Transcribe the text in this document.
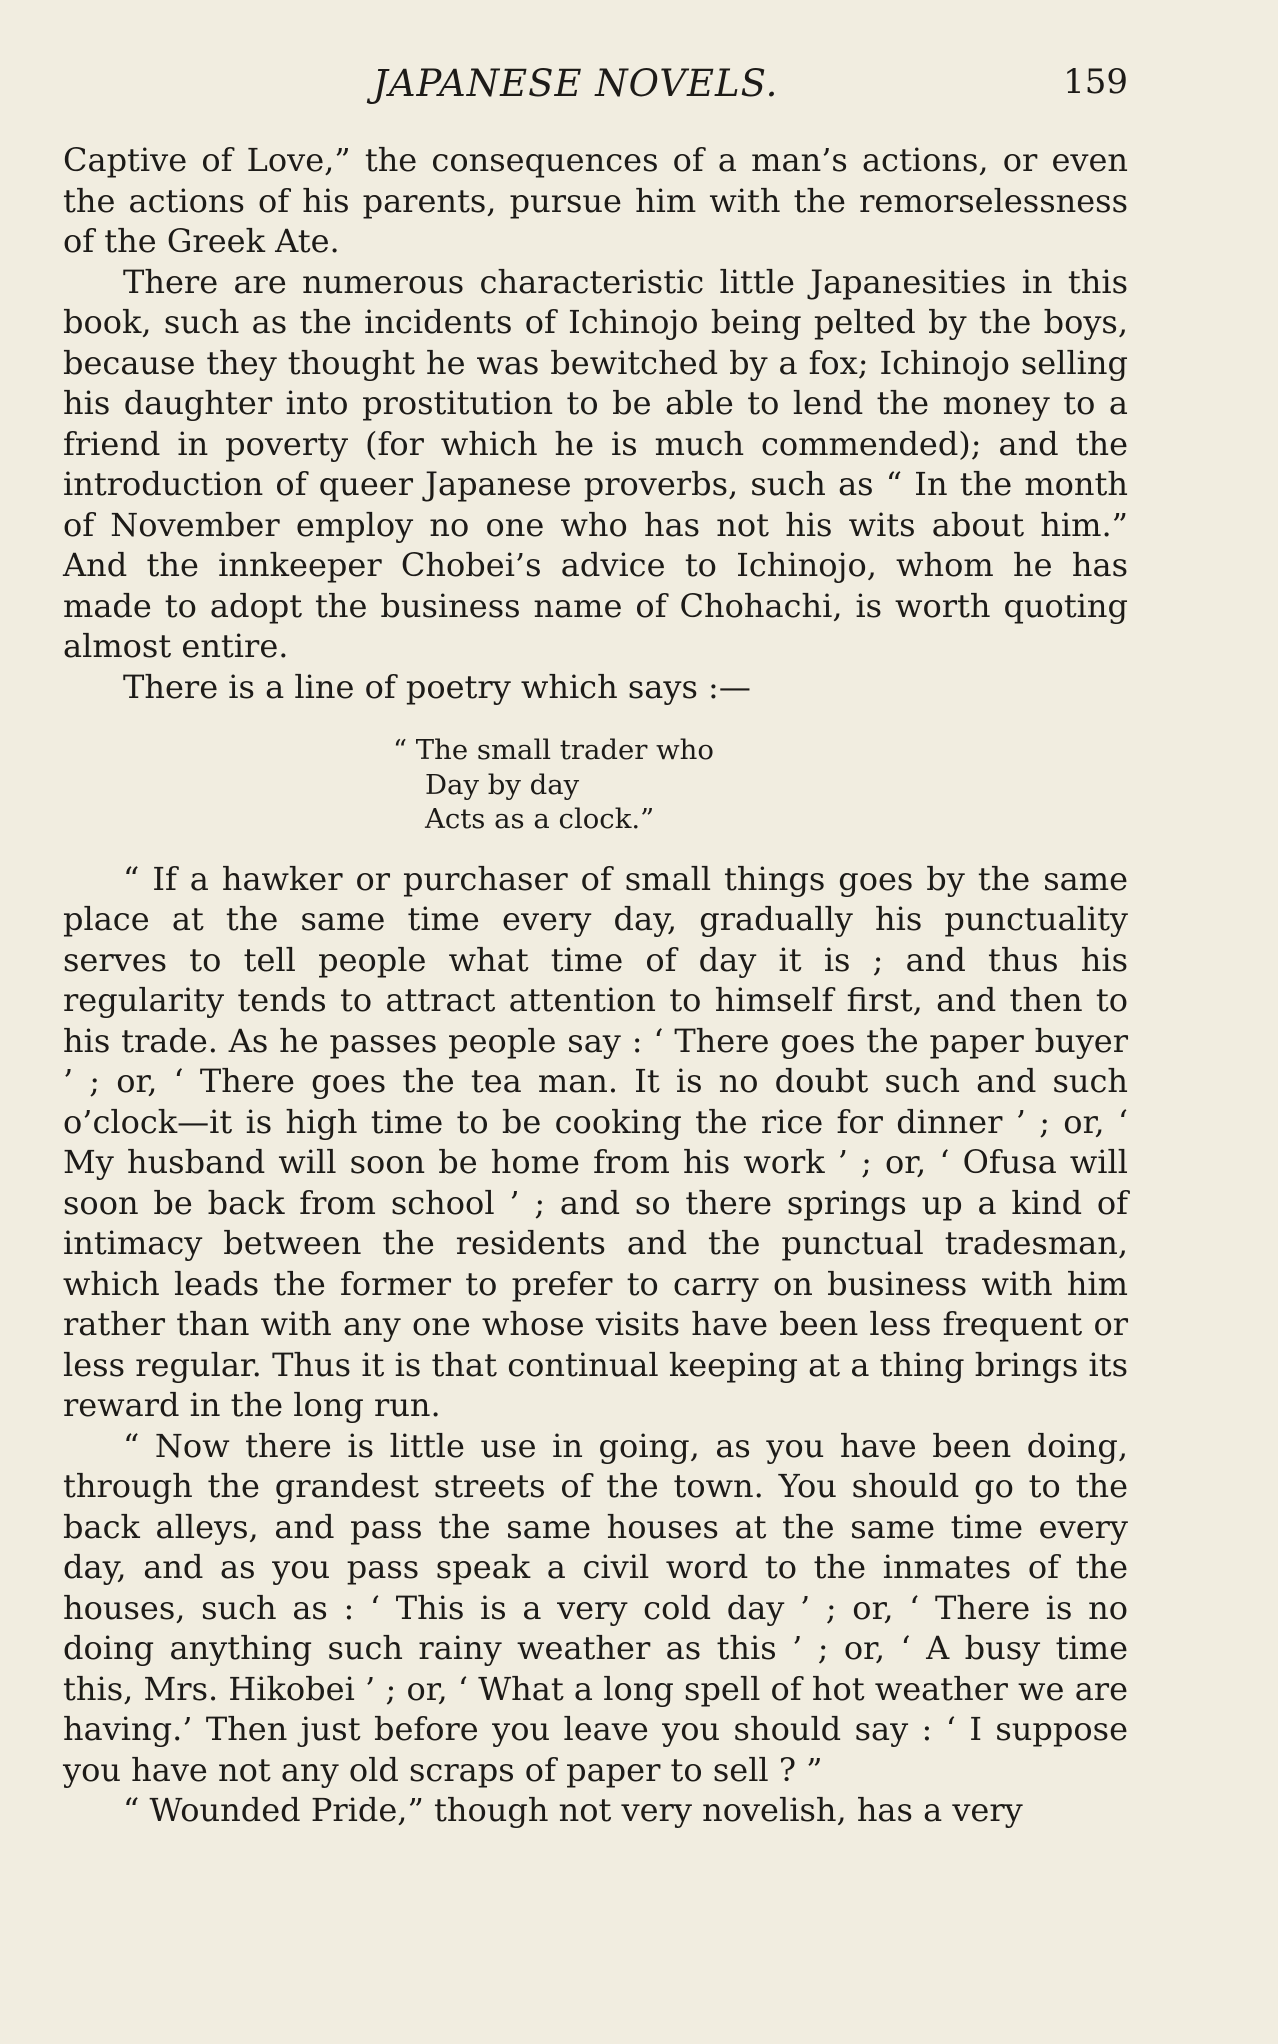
JAPANESE NOVELS.	159

Captive of Love,” the consequences of a man’s actions, or even the actions of his parents, pursue him with the remorselessness of the Greek Ate.

There are numerous characteristic little Japanesities in this book, such as the incidents of Ichinojo being pelted by the boys, because they thought he was bewitched by a fox; Ichinojo selling his daughter into prostitution to be able to lend the money to a friend in poverty (for which he is much commended); and the introduction of queer Japanese proverbs, such as “ In the month of November employ no one who has not his wits about him.” And the innkeeper Chobei’s advice to Ichinojo, whom he has made to adopt the business name of Chohachi, is worth quoting almost entire.

There is a line of poetry which says :—

“ The small trader who
Day by day
Acts as a clock.”

“ If a hawker or purchaser of small things goes by the same place at the same time every day, gradually his punctuality serves to tell people what time of day it is ; and thus his regularity tends to attract attention to himself first, and then to his trade. As he passes people say : ‘ There goes the paper buyer ’ ; or, ‘ There goes the tea man. It is no doubt such and such o’clock—it is high time to be cooking the rice for dinner ’ ; or, ‘ My husband will soon be home from his work ’ ; or, ‘ Ofusa will soon be back from school ’ ; and so there springs up a kind of intimacy between the residents and the punctual tradesman, which leads the former to prefer to carry on business with him rather than with any one whose visits have been less frequent or less regular. Thus it is that continual keeping at a thing brings its reward in the long run.

“ Now there is little use in going, as you have been doing, through the grandest streets of the town. You should go to the back alleys, and pass the same houses at the same time every day, and as you pass speak a civil word to the inmates of the houses, such as : ‘ This is a very cold day ’ ; or, ‘ There is no doing anything such rainy weather as this ’ ; or, ‘ A busy time this, Mrs. Hikobei ’ ; or, ‘ What a long spell of hot weather we are having.’ Then just before you leave you should say : ‘ I suppose you have not any old scraps of paper to sell ? ”

“ Wounded Pride,” though not very novelish, has a very
